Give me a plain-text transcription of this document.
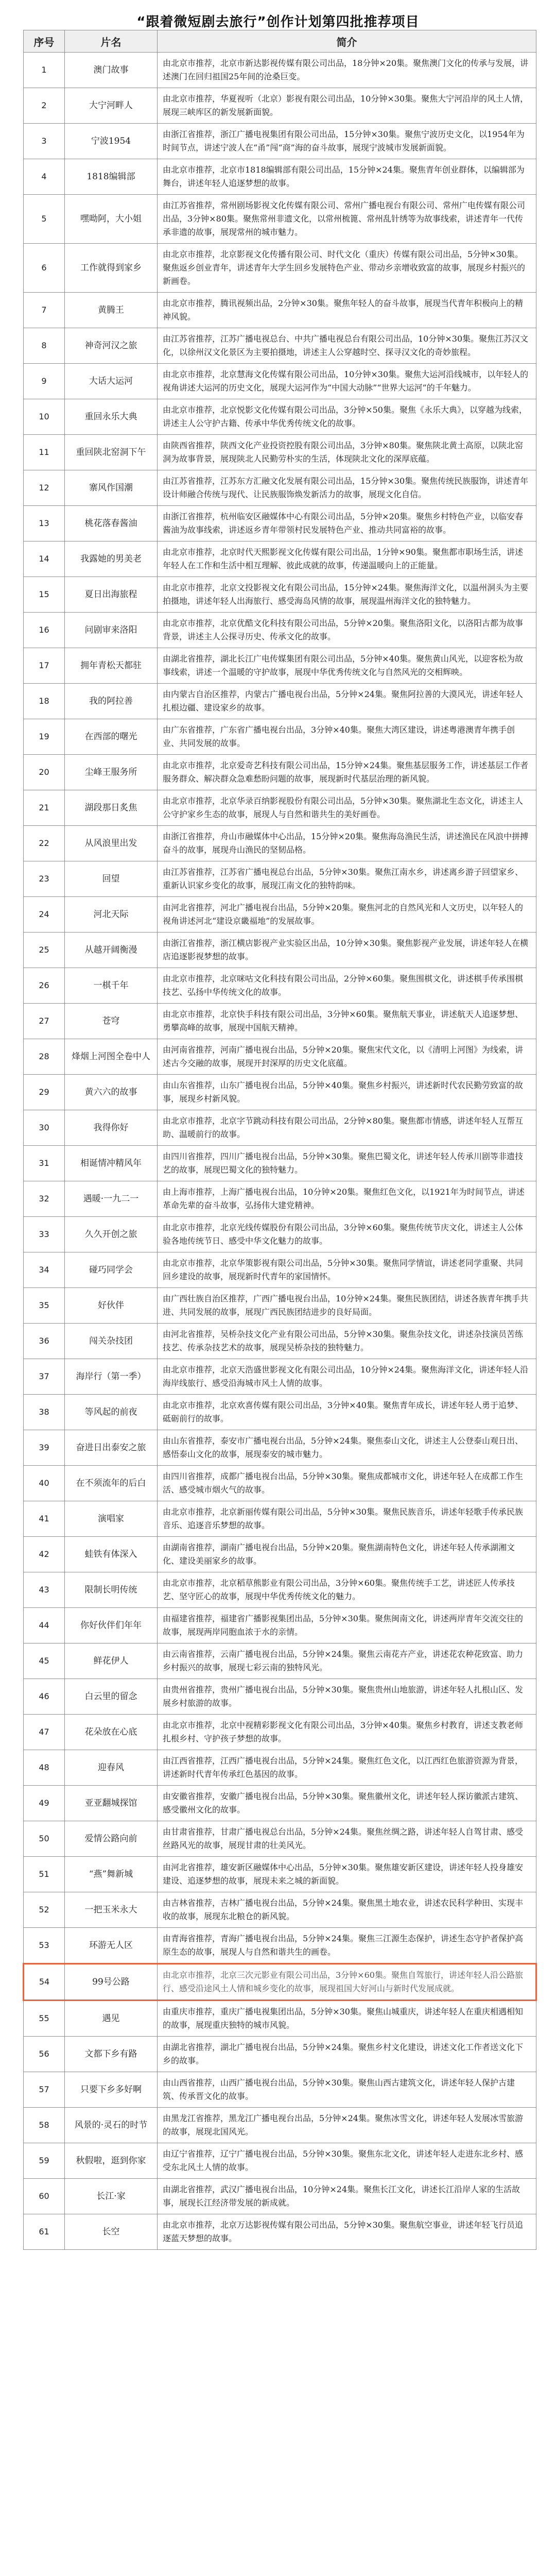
“跟着微短剧去旅行”创作计划第四批推荐项目
序号	片名	简介
1	澳门故事	由北京市推荐，北京市新达影视传媒有限公司出品，18分钟×20集。聚焦澳门文化的传承与发展，讲述澳门在回归祖国25年间的沧桑巨变。
2	大宁河畔人	由北京市推荐，华夏视听（北京）影视有限公司出品，10分钟×30集。聚焦大宁河沿岸的风土人情，展现三峡库区的新发展新面貌。
3	宁波1954	由浙江省推荐，浙江广播电视集团有限公司出品，15分钟×30集。聚焦宁波历史文化，以1954年为时间节点，讲述宁波人在“甬”闯“商”海的奋斗故事，展现宁波城市发展新面貌。
4	1818编辑部	由北京市推荐，北京市1818编辑部有限公司出品，15分钟×24集。聚焦青年创业群体，以编辑部为舞台，讲述年轻人追逐梦想的故事。
5	嘿呦阿，大小姐	由江苏省推荐，常州剧场影视文化传媒有限公司、常州广播电视台有限公司、常州广电传媒有限公司出品，3分钟×80集。聚焦常州非遗文化，以常州梳篦、常州乱针绣等为故事线索，讲述青年一代传承非遗的故事，展现常州的城市魅力。
6	工作就得到家乡	由北京市推荐，北京影视文化传播有限公司、时代文化（重庆）传媒有限公司出品，5分钟×30集。聚焦返乡创业青年，讲述青年大学生回乡发展特色产业、带动乡亲增收致富的故事，展现乡村振兴的新画卷。
7	黄腾王	由北京市推荐，腾讯视频出品，2分钟×30集。聚焦年轻人的奋斗故事，展现当代青年积极向上的精神风貌。
8	神奇河汉之旅	由江苏省推荐，江苏广播电视总台、中共广播电视总台有限公司出品，10分钟×30集。聚焦江苏汉文化，以徐州汉文化景区为主要拍摄地，讲述主人公穿越时空、探寻汉文化的奇妙旅程。
9	大话大运河	由北京市推荐，北京慧海文化传媒有限公司出品，10分钟×30集。聚焦大运河沿线城市，以年轻人的视角讲述大运河的历史文化，展现大运河作为“中国大动脉”“世界大运河”的千年魅力。
10	重回永乐大典	由北京市推荐，北京悦影文化传媒有限公司出品，3分钟×50集。聚焦《永乐大典》，以穿越为线索，讲述主人公守护古籍、传承中华优秀传统文化的故事。
11	重回陕北窑洞下午	由陕西省推荐，陕西文化产业投资控股有限公司出品，3分钟×80集。聚焦陕北黄土高原，以陕北窑洞为故事背景，展现陕北人民勤劳朴实的生活，体现陕北文化的深厚底蕴。
12	寨风作国潮	由江苏省推荐，江苏东方汇融文化发展有限公司出品，15分钟×30集。聚焦传统民族服饰，讲述青年设计师融合传统与现代、让民族服饰焕发新活力的故事，展现文化自信。
13	桃花落春酱油	由浙江省推荐，杭州临安区融媒体中心有限公司出品，5分钟×20集。聚焦乡村特色产业，以临安春酱油为故事线索，讲述返乡青年带领村民发展特色产业、推动共同富裕的故事。
14	我露她的男美老	由北京市推荐，北京时代天熙影视文化传媒有限公司出品，1分钟×90集。聚焦都市职场生活，讲述年轻人在工作和生活中相互理解、彼此成就的故事，传递温暖向上的正能量。
15	夏日出海旅程	由北京市推荐，北京文投影视文化有限公司出品，15分钟×24集。聚焦海洋文化，以温州洞头为主要拍摄地，讲述年轻人出海旅行、感受海岛风情的故事，展现温州海洋文化的独特魅力。
16	问剧审来洛阳	由北京市推荐，北京优酷文化科技有限公司出品，5分钟×20集。聚焦洛阳文化，以洛阳古都为故事背景，讲述主人公探寻历史、传承文化的故事。
17	拥年青松天都驻	由湖北省推荐，湖北长江广电传媒集团有限公司出品，5分钟×40集。聚焦黄山风光，以迎客松为故事线索，讲述一个温暖的守护故事，展现中华优秀传统文化与自然风光的交相辉映。
18	我的阿拉善	由内蒙古自治区推荐，内蒙古广播电视台出品，5分钟×24集。聚焦阿拉善的大漠风光，讲述年轻人扎根边疆、建设家乡的故事。
19	在西部的曙光	由广东省推荐，广东省广播电视台出品，3分钟×40集。聚焦大湾区建设，讲述粤港澳青年携手创业、共同发展的故事。
20	尘峰王服务所	由北京市推荐，北京爱奇艺科技有限公司出品，15分钟×24集。聚焦基层服务工作，讲述基层工作者服务群众、解决群众急难愁盼问题的故事，展现新时代基层治理的新风貌。
21	湖段那日炙焦	由北京市推荐，北京华录百纳影视股份有限公司出品，5分钟×30集。聚焦湖北生态文化，讲述主人公守护家乡生态的故事，展现人与自然和谐共生的美好画卷。
22	从风浪里出发	由浙江省推荐，舟山市融媒体中心出品，15分钟×20集。聚焦海岛渔民生活，讲述渔民在风浪中拼搏奋斗的故事，展现舟山渔民的坚韧品格。
23	回望	由江苏省推荐，江苏省广播电视总台出品，5分钟×30集。聚焦江南水乡，讲述离乡游子回望家乡、重新认识家乡变化的故事，展现江南文化的独特韵味。
24	河北天际	由河北省推荐，河北广播电视台出品，5分钟×20集。聚焦河北的自然风光和人文历史，以年轻人的视角讲述河北“建设京畿福地”的发展故事。
25	从越开阔衡漫	由浙江省推荐，浙江横店影视产业实验区出品，10分钟×30集。聚焦影视产业发展，讲述年轻人在横店追逐影视梦想的故事。
26	一棋千年	由北京市推荐，北京咪咕文化科技有限公司出品，2分钟×60集。聚焦围棋文化，讲述棋手传承围棋技艺、弘扬中华传统文化的故事。
27	苍穹	由北京市推荐，北京快手科技有限公司出品，3分钟×60集。聚焦航天事业，讲述航天人追逐梦想、勇攀高峰的故事，展现中国航天精神。
28	烽烟上河图全卷中人	由河南省推荐，河南广播电视台出品，5分钟×20集。聚焦宋代文化，以《清明上河图》为线索，讲述古今交融的故事，展现开封深厚的历史文化底蕴。
29	黄六六的故事	由山东省推荐，山东广播电视台出品，5分钟×40集。聚焦乡村振兴，讲述新时代农民勤劳致富的故事，展现乡村新风貌。
30	我得你好	由北京市推荐，北京字节跳动科技有限公司出品，2分钟×80集。聚焦都市情感，讲述年轻人互帮互助、温暖前行的故事。
31	相诞情冲精风年	由四川省推荐，四川广播电视台出品，5分钟×30集。聚焦巴蜀文化，讲述年轻人传承川剧等非遗技艺的故事，展现巴蜀文化的独特魅力。
32	遇暖·一九二一	由上海市推荐，上海广播电视台出品，10分钟×20集。聚焦红色文化，以1921年为时间节点，讲述革命先辈的奋斗故事，弘扬伟大建党精神。
33	久久开创之旅	由北京市推荐，北京光线传媒股份有限公司出品，3分钟×60集。聚焦传统节庆文化，讲述主人公体验各地传统节日、感受中华文化魅力的故事。
34	碰巧同学会	由北京市推荐，北京华策影视有限公司出品，5分钟×30集。聚焦同学情谊，讲述老同学重聚、共同回乡建设的故事，展现新时代青年的家国情怀。
35	好伙伴	由广西壮族自治区推荐，广西广播电视台出品，10分钟×24集。聚焦民族团结，讲述各族青年携手共进、共同发展的故事，展现广西民族团结进步的良好局面。
36	闯关杂技团	由河北省推荐，吴桥杂技文化产业有限公司出品，5分钟×30集。聚焦杂技文化，讲述杂技演员苦练技艺、传承杂技艺术的故事，展现吴桥杂技的独特魅力。
37	海岸行（第一季）	由北京市推荐，北京天浩盛世影视文化有限公司出品，10分钟×24集。聚焦海洋文化，讲述年轻人沿海岸线旅行、感受沿海城市风土人情的故事。
38	等风起的前夜	由北京市推荐，北京欢喜传媒有限公司出品，3分钟×40集。聚焦青年成长，讲述年轻人勇于追梦、砥砺前行的故事。
39	奋进日出泰安之旅	由山东省推荐，泰安市广播电视台出品，5分钟×24集。聚焦泰山文化，讲述主人公登泰山观日出、感悟泰山文化的故事，展现泰安的城市魅力。
40	在不须流年的后白	由四川省推荐，成都广播电视台出品，5分钟×30集。聚焦成都城市文化，讲述年轻人在成都工作生活、感受城市烟火气的故事。
41	演唱家	由北京市推荐，北京新丽传媒有限公司出品，5分钟×30集。聚焦民族音乐，讲述年轻歌手传承民族音乐、追逐音乐梦想的故事。
42	蛙铁有体深入	由湖南省推荐，湖南广播电视台出品，5分钟×20集。聚焦湖南特色文化，讲述年轻人传承湖湘文化、建设美丽家乡的故事。
43	限制长明传统	由北京市推荐，北京稻草熊影业有限公司出品，3分钟×60集。聚焦传统手工艺，讲述匠人传承技艺、坚守匠心的故事，展现中华优秀传统文化的魅力。
44	你好伙伴们年年	由福建省推荐，福建省广播影视集团出品，5分钟×30集。聚焦闽南文化，讲述两岸青年交流交往的故事，展现两岸同胞血浓于水的亲情。
45	鲜花伊人	由云南省推荐，云南广播电视台出品，5分钟×24集。聚焦云南花卉产业，讲述花农种花致富、助力乡村振兴的故事，展现七彩云南的独特风光。
46	白云里的留念	由贵州省推荐，贵州广播电视台出品，5分钟×30集。聚焦贵州山地旅游，讲述年轻人扎根山区、发展乡村旅游的故事。
47	花朵放在心底	由北京市推荐，北京中视精彩影视文化有限公司出品，3分钟×40集。聚焦乡村教育，讲述支教老师扎根乡村、守护孩子梦想的故事。
48	迎春风	由江西省推荐，江西广播电视台出品，5分钟×24集。聚焦红色文化，以江西红色旅游资源为背景，讲述新时代青年传承红色基因的故事。
49	亚亚翻城探馆	由安徽省推荐，安徽广播电视台出品，5分钟×30集。聚焦徽州文化，讲述年轻人探访徽派古建筑、感受徽州文化的故事。
50	爱情公路向前	由甘肃省推荐，甘肃广播电视总台出品，5分钟×24集。聚焦丝绸之路，讲述年轻人自驾甘肃、感受丝路风光的故事，展现甘肃的壮美风光。
51	“燕”舞新城	由河北省推荐，雄安新区融媒体中心出品，5分钟×30集。聚焦雄安新区建设，讲述年轻人投身雄安建设、追逐梦想的故事，展现未来之城的新面貌。
52	一把玉米永大	由吉林省推荐，吉林广播电视台出品，5分钟×24集。聚焦黑土地农业，讲述农民科学种田、实现丰收的故事，展现东北粮仓的新风貌。
53	环游无人区	由青海省推荐，青海广播电视台出品，5分钟×24集。聚焦三江源生态保护，讲述生态守护者保护高原生态的故事，展现人与自然和谐共生的画卷。
54	99号公路	由北京市推荐，北京三次元影业有限公司出品，3分钟×60集。聚焦自驾旅行，讲述年轻人沿公路旅行、感受沿途风土人情和城乡变化的故事，展现祖国大好河山与新时代发展成就。
55	遇见	由重庆市推荐，重庆广播电视集团出品，5分钟×30集。聚焦山城重庆，讲述年轻人在重庆相遇相知的故事，展现重庆独特的城市风貌。
56	文都下乡有路	由湖北省推荐，湖北广播电视台出品，5分钟×24集。聚焦乡村文化建设，讲述文化工作者送文化下乡的故事。
57	只要下乡多好啊	由山西省推荐，山西广播电视台出品，5分钟×30集。聚焦山西古建筑文化，讲述年轻人保护古建筑、传承晋文化的故事。
58	风景的·灵石的时节	由黑龙江省推荐，黑龙江广播电视台出品，5分钟×24集。聚焦冰雪文化，讲述年轻人发展冰雪旅游的故事，展现北国风光。
59	秋假啦，逛到你家	由辽宁省推荐，辽宁广播电视台出品，5分钟×30集。聚焦东北文化，讲述年轻人走进东北乡村、感受东北风土人情的故事。
60	长江·家	由湖北省推荐，武汉广播电视台出品，10分钟×24集。聚焦长江文化，讲述长江沿岸人家的生活故事，展现长江经济带发展的新成就。
61	长空	由北京市推荐，北京万达影视传媒有限公司出品，5分钟×30集。聚焦航空事业，讲述年轻飞行员追逐蓝天梦想的故事。
